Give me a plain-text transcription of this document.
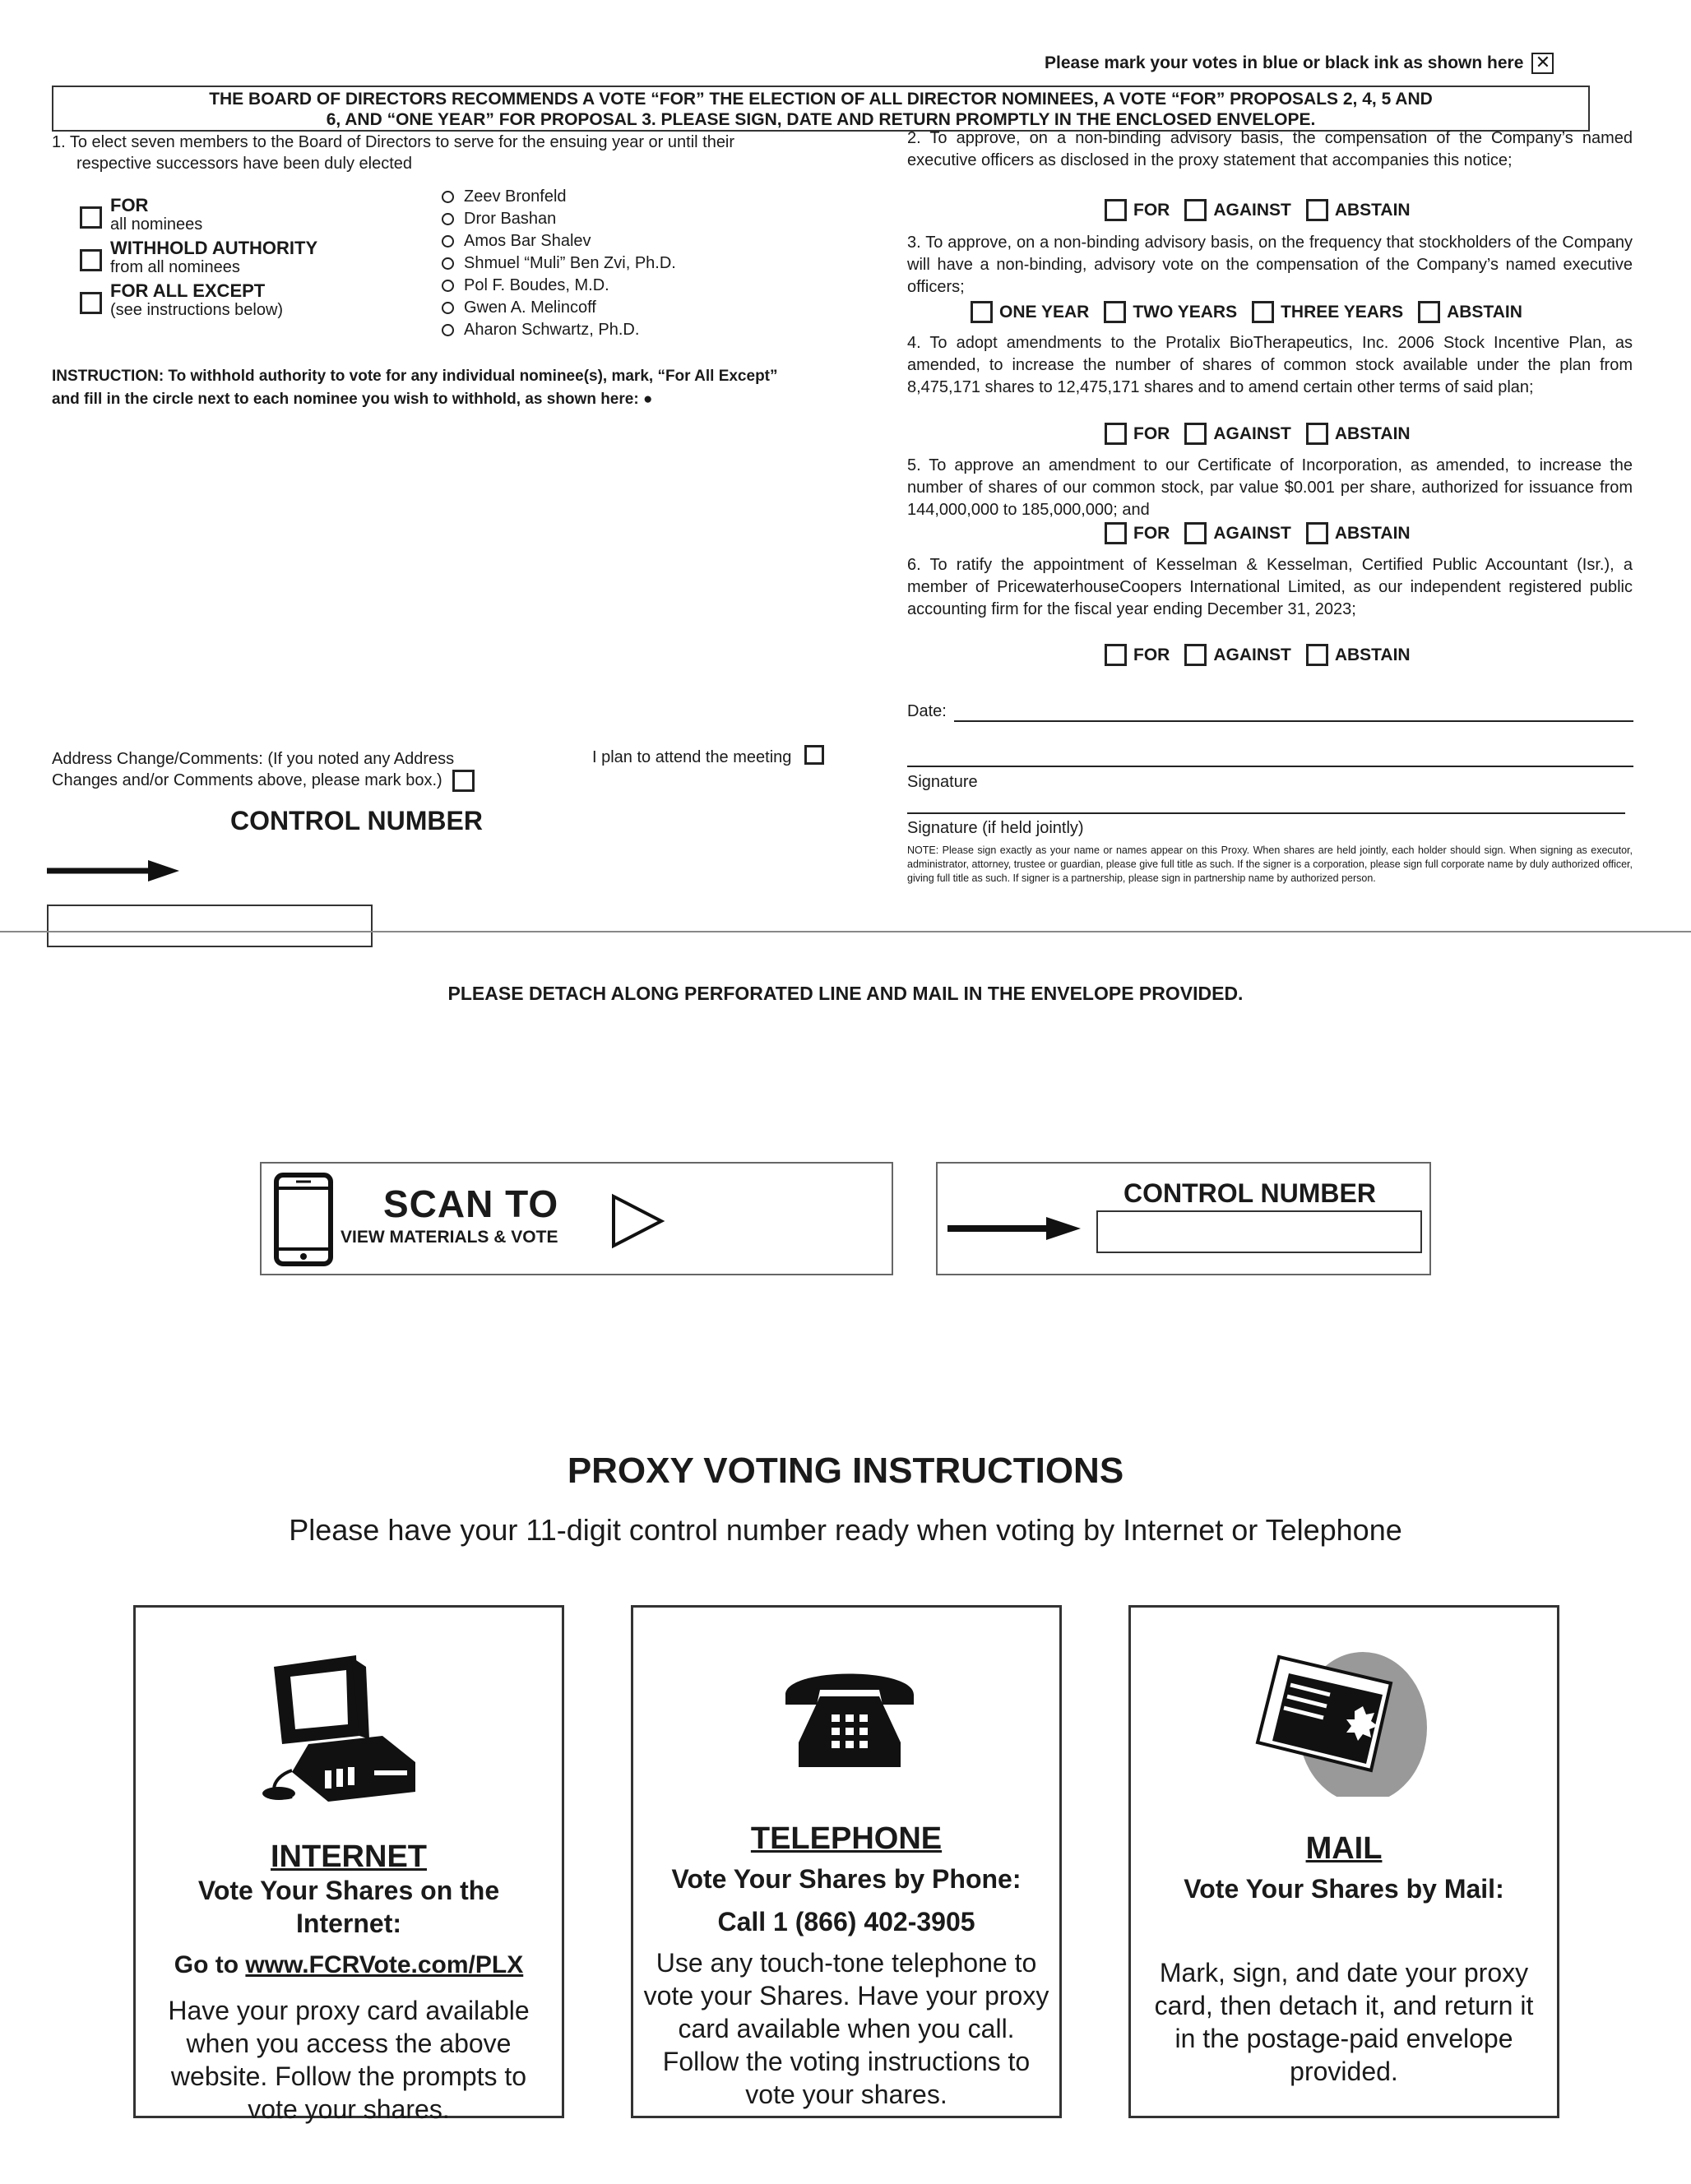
Please mark your votes in blue or black ink as shown here ✕
THE BOARD OF DIRECTORS RECOMMENDS A VOTE “FOR” THE ELECTION OF ALL DIRECTOR NOMINEES, A VOTE “FOR” PROPOSALS 2, 4, 5 AND
6, AND “ONE YEAR” FOR PROPOSAL 3. PLEASE SIGN, DATE AND RETURN PROMPTLY IN THE ENCLOSED ENVELOPE.
1. To elect seven members to the Board of Directors to serve for the ensuing year or until their
respective successors have been duly elected
FOR
all nominees
WITHHOLD AUTHORITY
from all nominees
FOR ALL EXCEPT
(see instructions below)
Zeev Bronfeld
Dror Bashan
Amos Bar Shalev
Shmuel “Muli” Ben Zvi, Ph.D.
Pol F. Boudes, M.D.
Gwen A. Melincoff
Aharon Schwartz, Ph.D.
INSTRUCTION: To withhold authority to vote for any individual nominee(s), mark, “For All Except”
and fill in the circle next to each nominee you wish to withhold, as shown here: ●
2. To approve, on a non-binding advisory basis, the compensation of the Company’s named executive officers as disclosed in the proxy statement that accompanies this notice;
FOR	AGAINST	ABSTAIN
3. To approve, on a non-binding advisory basis, on the frequency that stockholders of the Company will have a non-binding, advisory vote on the compensation of the Company’s named executive officers;
ONE YEAR	TWO YEARS	THREE YEARS	ABSTAIN
4. To adopt amendments to the Protalix BioTherapeutics, Inc. 2006 Stock Incentive Plan, as amended, to increase the number of shares of common stock available under the plan from 8,475,171 shares to 12,475,171 shares and to amend certain other terms of said plan;
FOR	AGAINST	ABSTAIN
5. To approve an amendment to our Certificate of Incorporation, as amended, to increase the number of shares of our common stock, par value $0.001 per share, authorized for issuance from 144,000,000 to 185,000,000; and
FOR	AGAINST	ABSTAIN
6. To ratify the appointment of Kesselman & Kesselman, Certified Public Accountant (Isr.), a member of PricewaterhouseCoopers International Limited, as our independent registered public accounting firm for the fiscal year ending December 31, 2023;
FOR	AGAINST	ABSTAIN
Date:
Signature
Signature (if held jointly)
NOTE: Please sign exactly as your name or names appear on this Proxy. When shares are held jointly, each holder should sign. When signing as executor, administrator, attorney, trustee or guardian, please give full title as such. If the signer is a corporation, please sign full corporate name by duly authorized officer, giving full title as such. If signer is a partnership, please sign in partnership name by authorized person.
Address Change/Comments: (If you noted any Address
Changes and/or Comments above, please mark box.)
I plan to attend the meeting
CONTROL NUMBER
PLEASE DETACH ALONG PERFORATED LINE AND MAIL IN THE ENVELOPE PROVIDED.
SCAN TO
VIEW MATERIALS & VOTE
CONTROL NUMBER
PROXY VOTING INSTRUCTIONS
Please have your 11-digit control number ready when voting by Internet or Telephone
INTERNET
Vote Your Shares on the Internet:
Go to www.FCRVote.com/PLX
Have your proxy card available when you access the above website. Follow the prompts to vote your shares.
TELEPHONE
Vote Your Shares by Phone:
Call 1 (866) 402-3905
Use any touch-tone telephone to vote your Shares. Have your proxy card available when you call. Follow the voting instructions to vote your shares.
MAIL
Vote Your Shares by Mail:
Mark, sign, and date your proxy card, then detach it, and return it in the postage-paid envelope provided.
